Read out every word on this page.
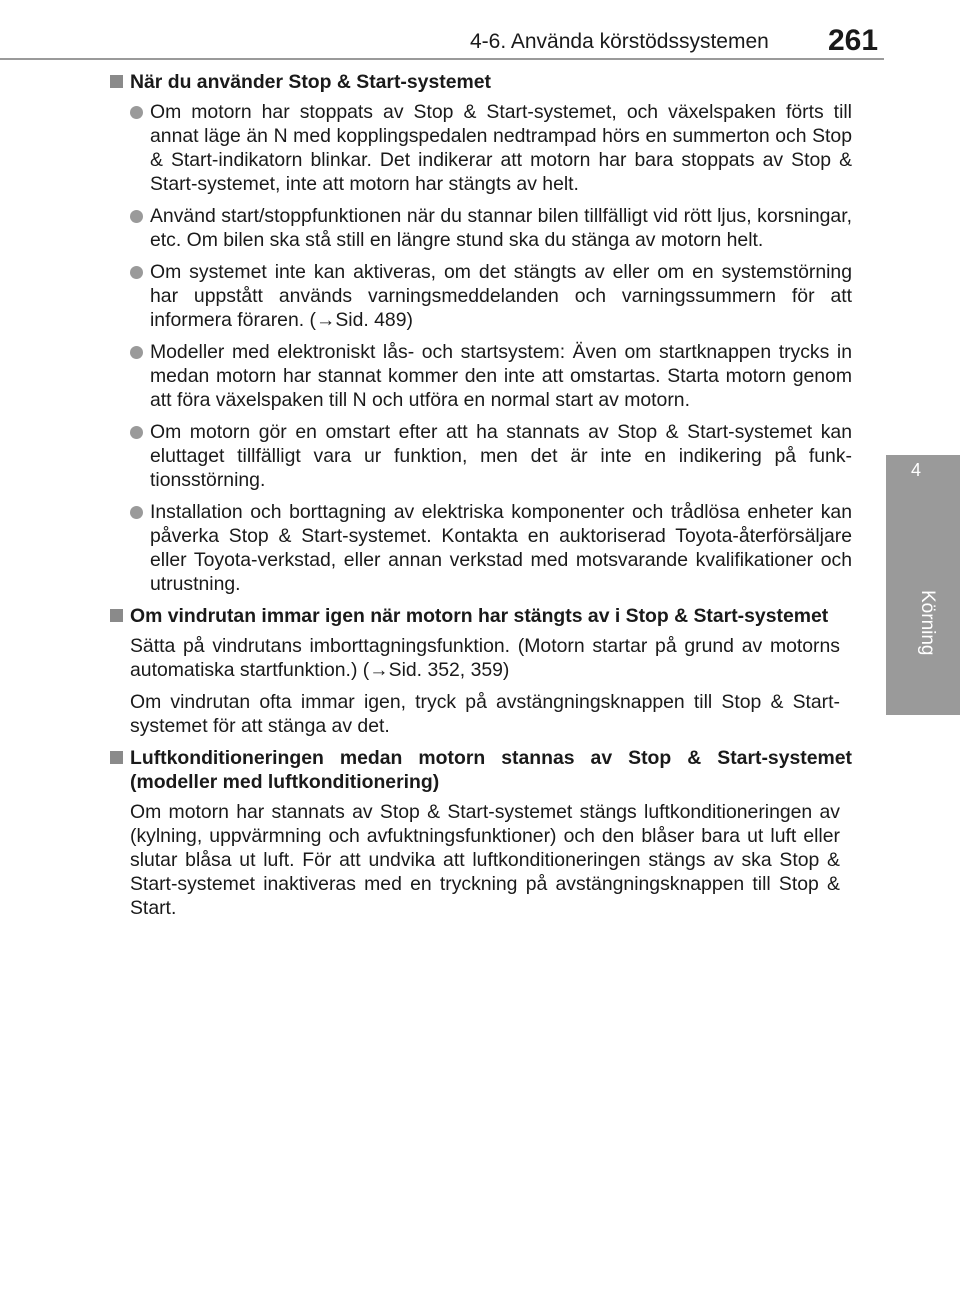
4-6. Använda körstödssystemen 261
4
Körning
När du använder Stop & Start-systemet
Om motorn har stoppats av Stop & Start-systemet, och växelspaken förts till annat läge än N med kopplingspedalen nedtrampad hörs en summerton och Stop & Start-indikatorn blinkar. Det indikerar att motorn har bara stoppats av Stop & Start-systemet, inte att motorn har stängts av helt.
Använd start/stoppfunktionen när du stannar bilen tillfälligt vid rött ljus, korsningar, etc. Om bilen ska stå still en längre stund ska du stänga av motorn helt.
Om systemet inte kan aktiveras, om det stängts av eller om en systemstörning har uppstått används varningsmeddelanden och varningssummern för att informera föraren. (→Sid. 489)
Modeller med elektroniskt lås- och startsystem: Även om startknappen trycks in medan motorn har stannat kommer den inte att omstartas. Starta motorn genom att föra växelspaken till N och utföra en normal start av motorn.
Om motorn gör en omstart efter att ha stannats av Stop & Start-systemet kan eluttaget tillfälligt vara ur funktion, men det är inte en indikering på funktionsstörning.
Installation och borttagning av elektriska komponenter och trådlösa enheter kan påverka Stop & Start-systemet. Kontakta en auktoriserad Toyota-återförsäljare eller Toyota-verkstad, eller annan verkstad med motsvarande kvalifikationer och utrustning.
Om vindrutan immar igen när motorn har stängts av i Stop & Start-systemet
Sätta på vindrutans imborttagningsfunktion. (Motorn startar på grund av motorns automatiska startfunktion.) (→Sid. 352, 359)
Om vindrutan ofta immar igen, tryck på avstängningsknappen till Stop & Start-systemet för att stänga av det.
Luftkonditioneringen medan motorn stannas av Stop & Start-systemet (modeller med luftkonditionering)
Om motorn har stannats av Stop & Start-systemet stängs luftkonditioneringen av (kylning, uppvärmning och avfuktningsfunktioner) och den blåser bara ut luft eller slutar blåsa ut luft. För att undvika att luftkonditioneringen stängs av ska Stop & Start-systemet inaktiveras med en tryckning på avstängningsknappen till Stop & Start.
